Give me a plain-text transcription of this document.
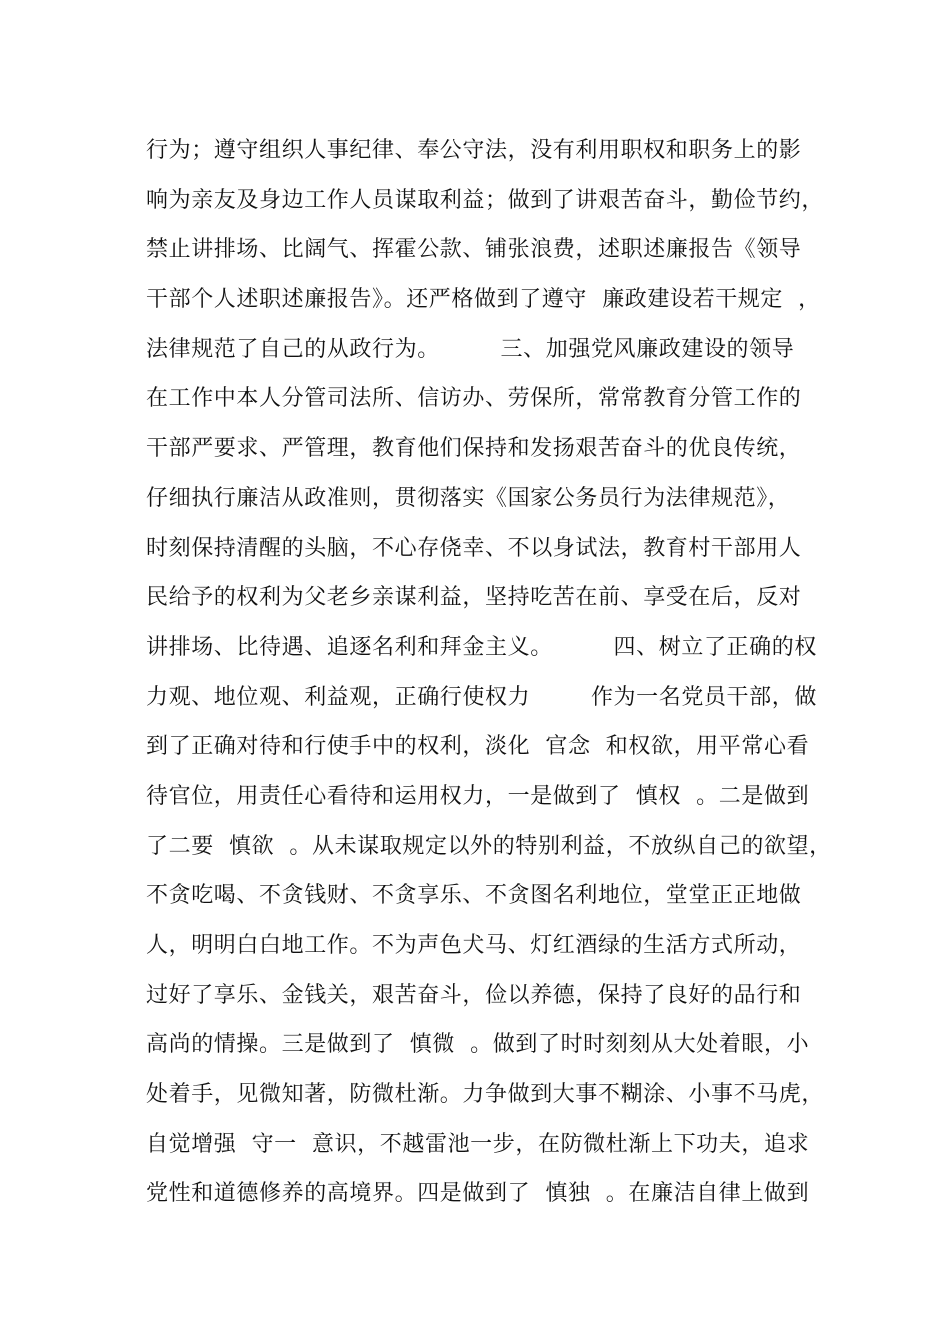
行为；遵守组织人事纪律、奉公守法，没有利用职权和职务上的影
响为亲友及身边工作人员谋取利益；做到了讲艰苦奋斗，勤俭节约，
禁止讲排场、比阔气、挥霍公款、铺张浪费，述职述廉报告《领导
干部个人述职述廉报告》。还严格做到了遵守  廉政建设若干规定  ，
法律规范了自己的从政行为。        三、加强党风廉政建设的领导
在工作中本人分管司法所、信访办、劳保所，常常教育分管工作的
干部严要求、严管理，教育他们保持和发扬艰苦奋斗的优良传统，
仔细执行廉洁从政准则，贯彻落实《国家公务员行为法律规范》，
时刻保持清醒的头脑，不心存侥幸、不以身试法，教育村干部用人
民给予的权利为父老乡亲谋利益，坚持吃苦在前、享受在后，反对
讲排场、比待遇、追逐名利和拜金主义。        四、树立了正确的权
力观、地位观、利益观，正确行使权力        作为一名党员干部，做
到了正确对待和行使手中的权利，淡化  官念  和权欲，用平常心看
待官位，用责任心看待和运用权力，一是做到了  慎权  。二是做到
了二要  慎欲  。从未谋取规定以外的特别利益，不放纵自己的欲望，
不贪吃喝、不贪钱财、不贪享乐、不贪图名利地位，堂堂正正地做
人，明明白白地工作。不为声色犬马、灯红酒绿的生活方式所动，
过好了享乐、金钱关，艰苦奋斗，俭以养德，保持了良好的品行和
高尚的情操。三是做到了  慎微  。做到了时时刻刻从大处着眼，小
处着手，见微知著，防微杜渐。力争做到大事不糊涂、小事不马虎，
自觉增强  守一  意识，不越雷池一步，在防微杜渐上下功夫，追求
党性和道德修养的高境界。四是做到了  慎独  。在廉洁自律上做到
